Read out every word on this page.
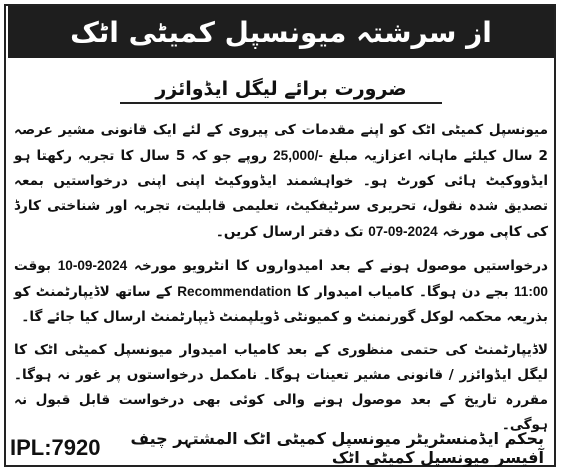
از سرشتہ میونسپل کمیٹی اٹک
ضرورت برائے لیگل ایڈوائزر

میونسپل کمیٹی اٹک کو اپنے مقدمات کی پیروی کے لئے ایک قانونی مشیر عرصہ 2 سال کیلئے ماہانہ اعزازیہ مبلغ 25,000/- روپے جو کہ 5 سال کا تجربہ رکھتا ہو ایڈووکیٹ ہائی کورٹ ہو۔ خواہشمند ایڈووکیٹ اپنی اپنی درخواستیں بمعہ تصدیق شدہ نقول، تحریری سرٹیفکیٹ، تعلیمی قابلیت، تجربہ اور شناختی کارڈ کی کاپی مورخہ 07-09-2024 تک دفتر ارسال کریں۔

درخواستیں موصول ہونے کے بعد امیدواروں کا انٹرویو مورخہ 10-09-2024 بوقت 11:00 بجے دن ہوگا۔ کامیاب امیدوار کا Recommendation کے ساتھ لاڈیپارٹمنٹ کو بذریعہ محکمہ لوکل گورنمنٹ و کمیونٹی ڈویلپمنٹ ڈیپارٹمنٹ ارسال کیا جائے گا۔

لاڈیپارٹمنٹ کی حتمی منظوری کے بعد کامیاب امیدوار میونسپل کمیٹی اٹک کا لیگل ایڈوائزر / قانونی مشیر تعینات ہوگا۔ نامکمل درخواستوں پر غور نہ ہوگا۔ مقررہ تاریخ کے بعد موصول ہونے والی کوئی بھی درخواست قابل قبول نہ ہوگی۔

IPL:7920	بحکم ایڈمنسٹریٹر میونسپل کمیٹی اٹک المشتہر چیف آفیسر میونسپل کمیٹی اٹک
